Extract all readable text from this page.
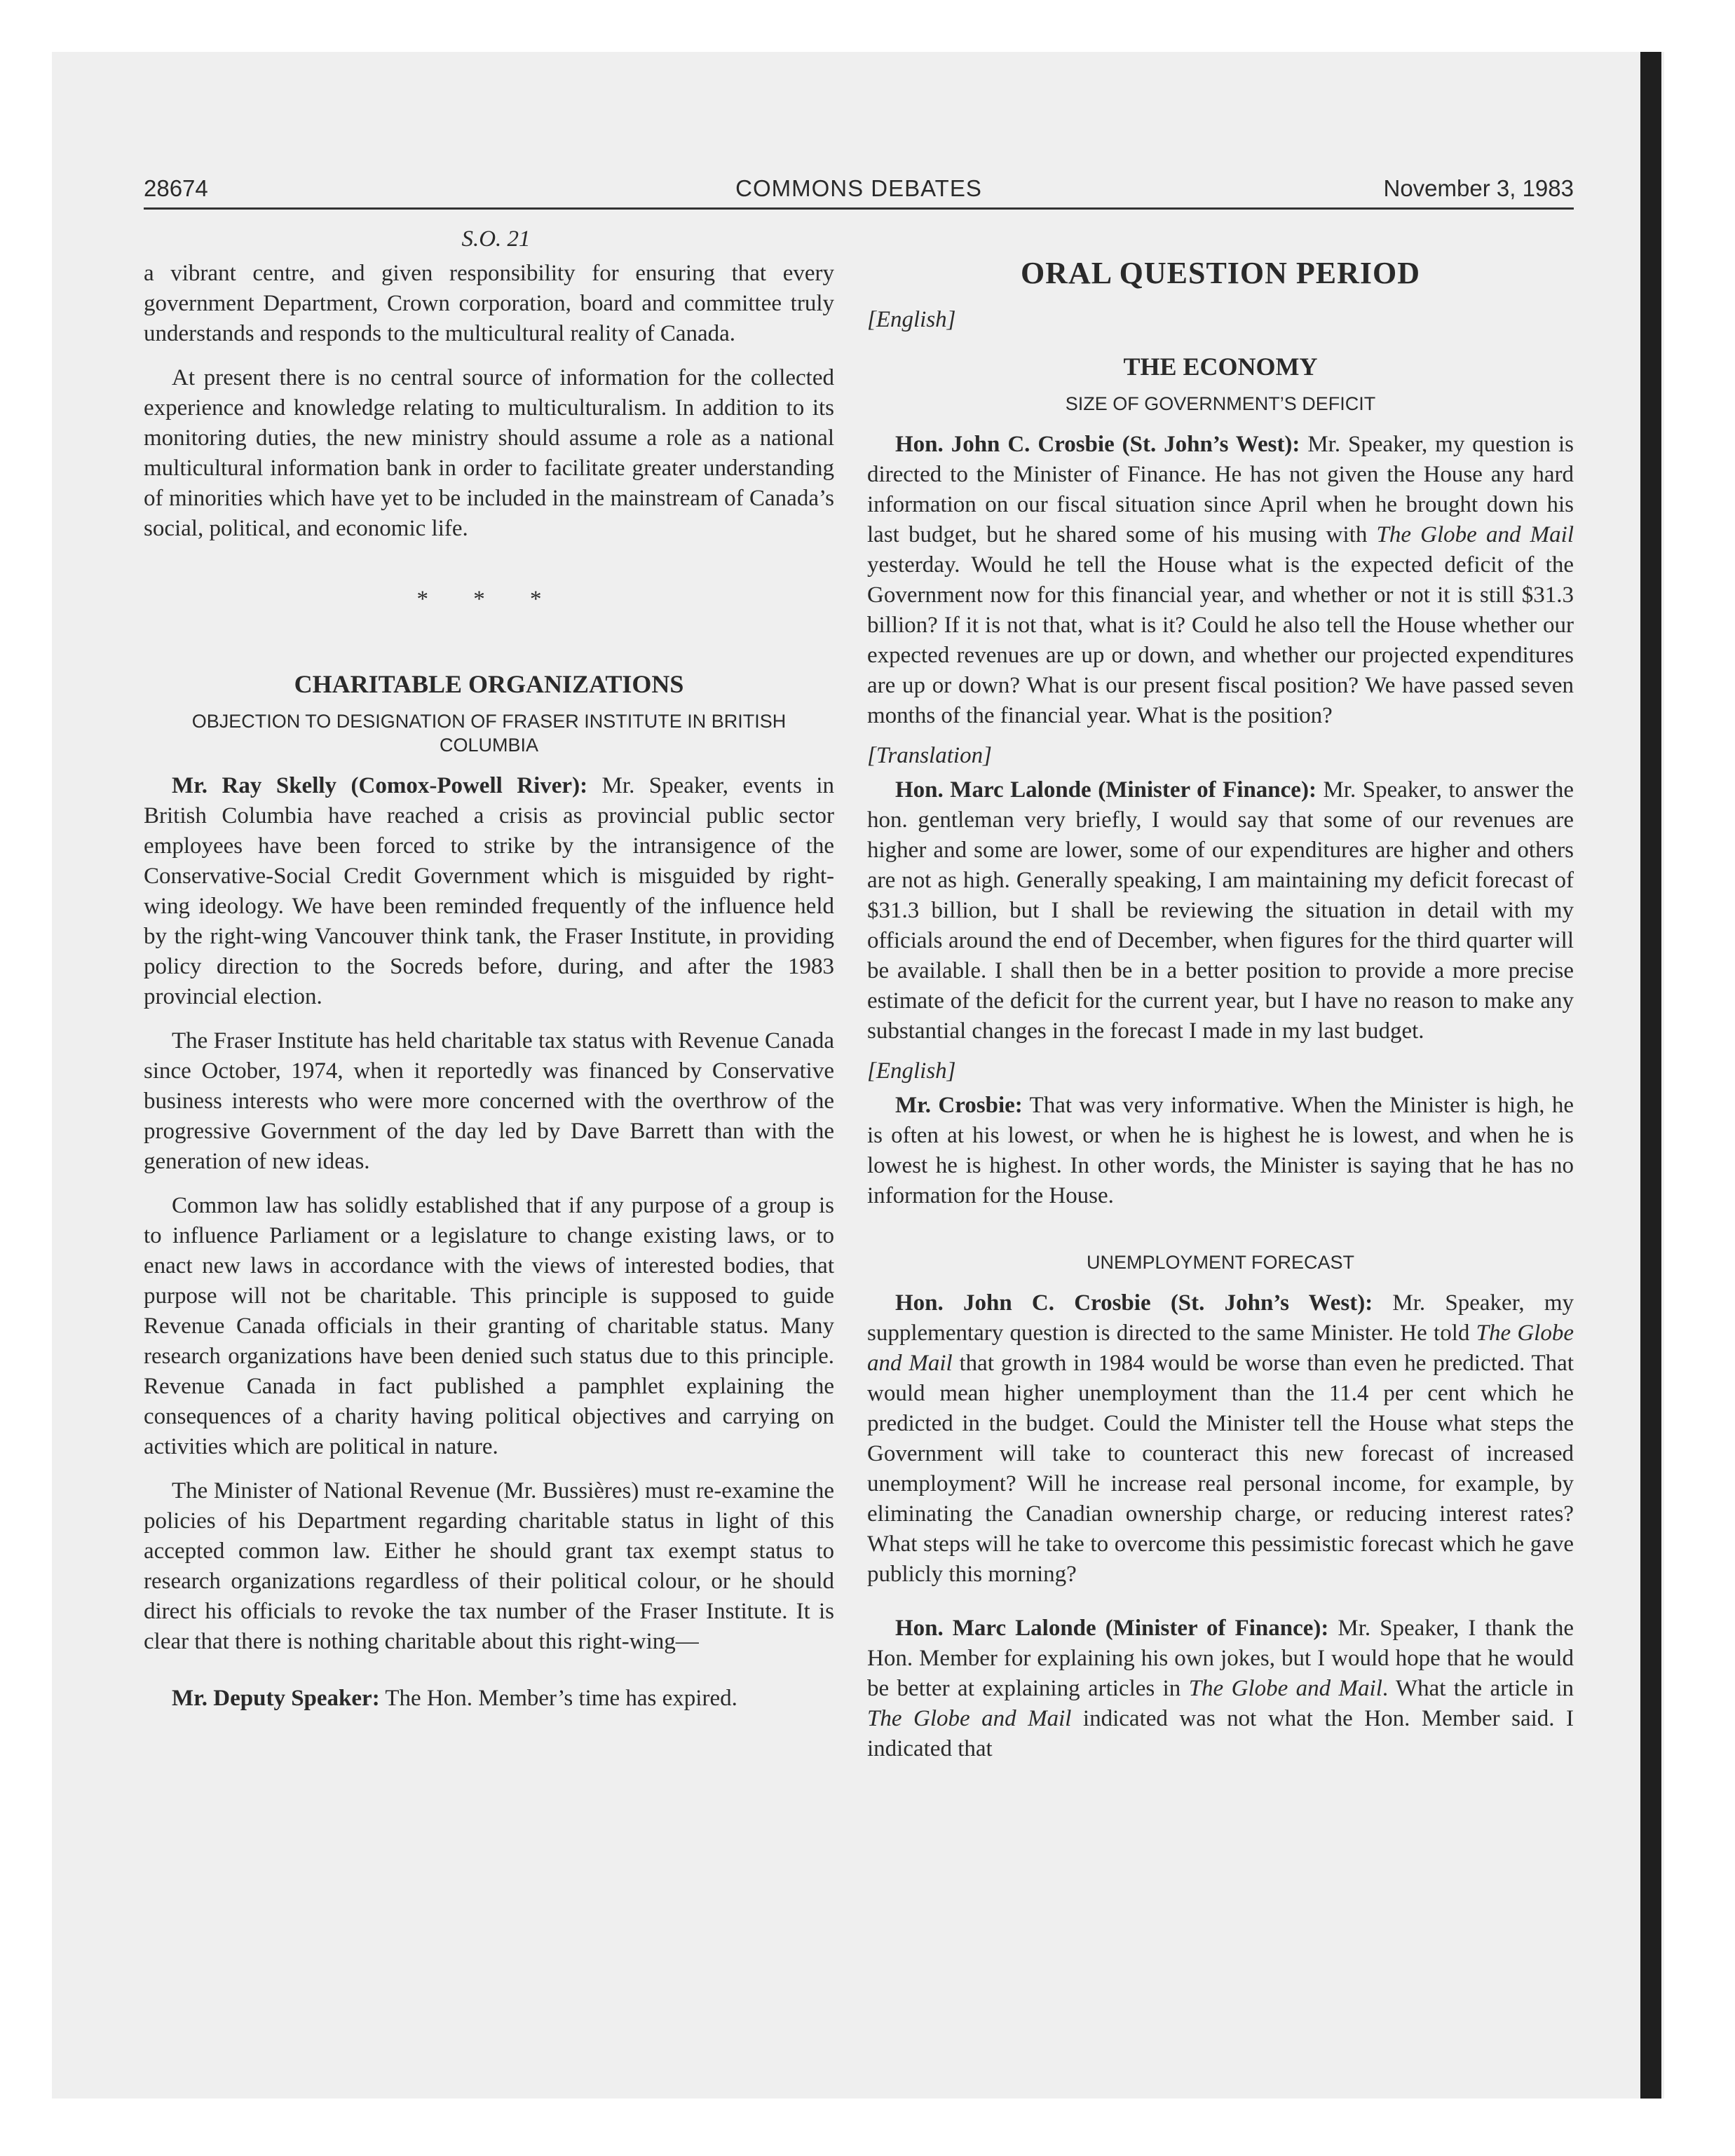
28674	COMMONS DEBATES	November 3, 1983
S.O. 21

a vibrant centre, and given responsibility for ensuring that every government Department, Crown corporation, board and committee truly understands and responds to the multicultural reality of Canada.

At present there is no central source of information for the collected experience and knowledge relating to multiculturalism. In addition to its monitoring duties, the new ministry should assume a role as a national multicultural information bank in order to facilitate greater understanding of minorities which have yet to be included in the mainstream of Canada’s social, political, and economic life.

* * *
CHARITABLE ORGANIZATIONS
OBJECTION TO DESIGNATION OF FRASER INSTITUTE IN BRITISH COLUMBIA

Mr. Ray Skelly (Comox-Powell River): Mr. Speaker, events in British Columbia have reached a crisis as provincial public sector employees have been forced to strike by the intransigence of the Conservative-Social Credit Government which is misguided by right-wing ideology. We have been reminded frequently of the influence held by the right-wing Vancouver think tank, the Fraser Institute, in providing policy direction to the Socreds before, during, and after the 1983 provincial election.

The Fraser Institute has held charitable tax status with Revenue Canada since October, 1974, when it reportedly was financed by Conservative business interests who were more concerned with the overthrow of the progressive Government of the day led by Dave Barrett than with the generation of new ideas.

Common law has solidly established that if any purpose of a group is to influence Parliament or a legislature to change existing laws, or to enact new laws in accordance with the views of interested bodies, that purpose will not be charitable. This principle is supposed to guide Revenue Canada officials in their granting of charitable status. Many research organizations have been denied such status due to this principle. Revenue Canada in fact published a pamphlet explaining the consequences of a charity having political objectives and carrying on activities which are political in nature.

The Minister of National Revenue (Mr. Bussières) must re-examine the policies of his Department regarding charitable status in light of this accepted common law. Either he should grant tax exempt status to research organizations regardless of their political colour, or he should direct his officials to revoke the tax number of the Fraser Institute. It is clear that there is nothing charitable about this right-wing—

Mr. Deputy Speaker: The Hon. Member’s time has expired.

ORAL QUESTION PERIOD
[English]
THE ECONOMY
SIZE OF GOVERNMENT’S DEFICIT

Hon. John C. Crosbie (St. John’s West): Mr. Speaker, my question is directed to the Minister of Finance. He has not given the House any hard information on our fiscal situation since April when he brought down his last budget, but he shared some of his musing with The Globe and Mail yesterday. Would he tell the House what is the expected deficit of the Government now for this financial year, and whether or not it is still $31.3 billion? If it is not that, what is it? Could he also tell the House whether our expected revenues are up or down, and whether our projected expenditures are up or down? What is our present fiscal position? We have passed seven months of the financial year. What is the position?

[Translation]

Hon. Marc Lalonde (Minister of Finance): Mr. Speaker, to answer the hon. gentleman very briefly, I would say that some of our revenues are higher and some are lower, some of our expenditures are higher and others are not as high. Generally speaking, I am maintaining my deficit forecast of $31.3 billion, but I shall be reviewing the situation in detail with my officials around the end of December, when figures for the third quarter will be available. I shall then be in a better position to provide a more precise estimate of the deficit for the current year, but I have no reason to make any substantial changes in the forecast I made in my last budget.

[English]

Mr. Crosbie: That was very informative. When the Minister is high, he is often at his lowest, or when he is highest he is lowest, and when he is lowest he is highest. In other words, the Minister is saying that he has no information for the House.

UNEMPLOYMENT FORECAST

Hon. John C. Crosbie (St. John’s West): Mr. Speaker, my supplementary question is directed to the same Minister. He told The Globe and Mail that growth in 1984 would be worse than even he predicted. That would mean higher unemployment than the 11.4 per cent which he predicted in the budget. Could the Minister tell the House what steps the Government will take to counteract this new forecast of increased unemployment? Will he increase real personal income, for example, by eliminating the Canadian ownership charge, or reducing interest rates? What steps will he take to overcome this pessimistic forecast which he gave publicly this morning?

Hon. Marc Lalonde (Minister of Finance): Mr. Speaker, I thank the Hon. Member for explaining his own jokes, but I would hope that he would be better at explaining articles in The Globe and Mail. What the article in The Globe and Mail indicated was not what the Hon. Member said. I indicated that
